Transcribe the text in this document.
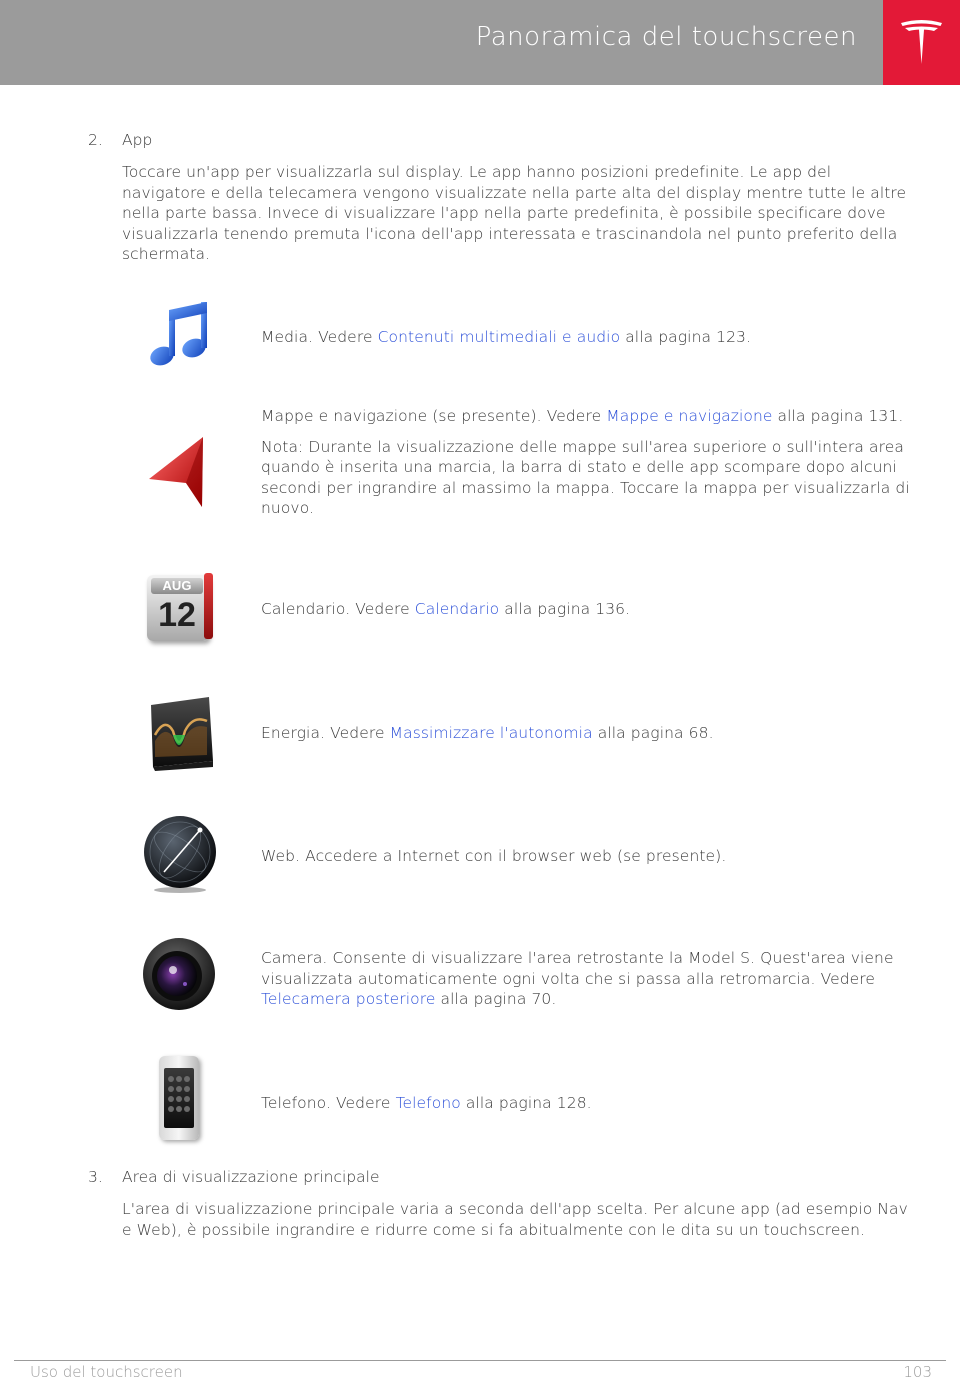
Panoramica del touchscreen
2. App
Toccare un'app per visualizzarla sul display. Le app hanno posizioni predefinite. Le app del navigatore e della telecamera vengono visualizzate nella parte alta del display mentre tutte le altre nella parte bassa. Invece di visualizzare l'app nella parte predefinita, è possibile specificare dove visualizzarla tenendo premuta l'icona dell'app interessata e trascinandola nel punto preferito della schermata.

Media. Vedere Contenuti multimediali e audio alla pagina 123.

Mappe e navigazione (se presente). Vedere Mappe e navigazione alla pagina 131.

Nota: Durante la visualizzazione delle mappe sull'area superiore o sull'intera area quando è inserita una marcia, la barra di stato e delle app scompare dopo alcuni secondi per ingrandire al massimo la mappa. Toccare la mappa per visualizzarla di nuovo.

AUG
12	Calendario. Vedere Calendario alla pagina 136.

Energia. Vedere Massimizzare l'autonomia alla pagina 68.

Web. Accedere a Internet con il browser web (se presente).

Camera. Consente di visualizzare l'area retrostante la Model S. Quest'area viene visualizzata automaticamente ogni volta che si passa alla retromarcia. Vedere Telecamera posteriore alla pagina 70.

Telefono. Vedere Telefono alla pagina 128.

3. Area di visualizzazione principale
L'area di visualizzazione principale varia a seconda dell'app scelta. Per alcune app (ad esempio Nav e Web), è possibile ingrandire e ridurre come si fa abitualmente con le dita su un touchscreen.
Uso del touchscreen	103
